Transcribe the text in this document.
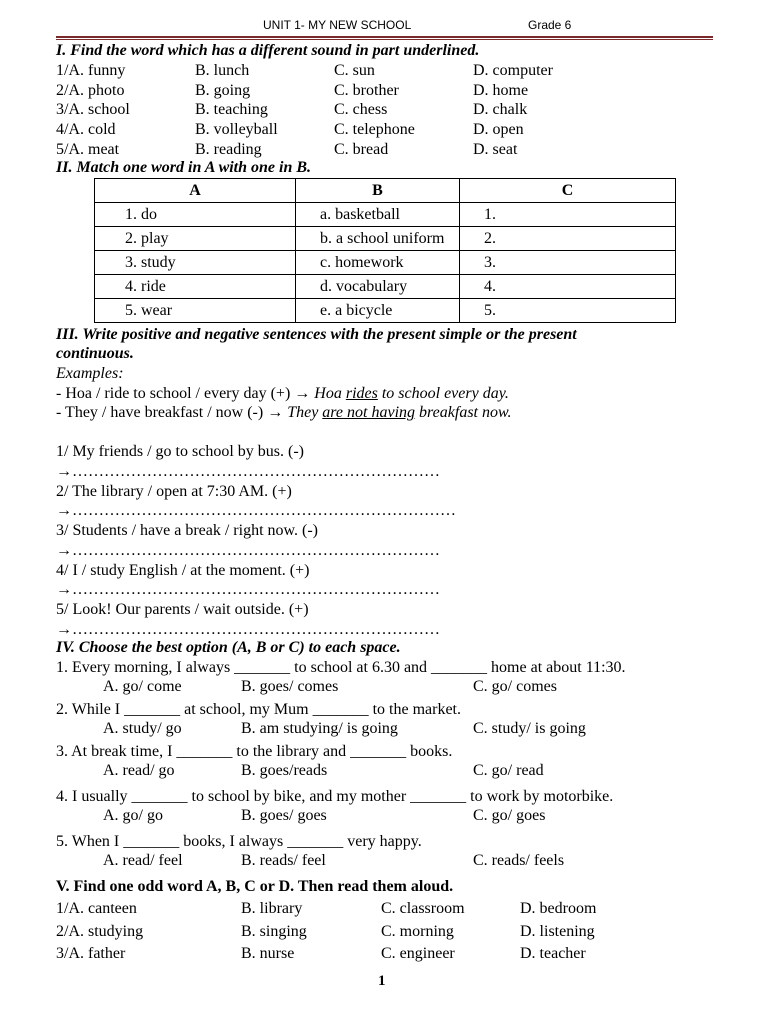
UNIT 1- MY NEW SCHOOL	Grade 6
I. Find the word which has a different sound in part underlined.
1/A. funny	B. lunch	C. sun	D. computer
2/A. photo	B. going	C. brother	D. home
3/A. school	B. teaching	C. chess	D. chalk
4/A. cold	B. volleyball	C. telephone	D. open
5/A. meat	B. reading	C. bread	D. seat
II. Match one word in A with one in B.
A	B	C
1. do	a. basketball	1.
2. play	b. a school uniform	2.
3. study	c. homework	3.
4. ride	d. vocabulary	4.
5. wear	e. a bicycle	5.
III. Write positive and negative sentences with the present simple or the present
continuous.
Examples:
- Hoa / ride to school / every day (+) → Hoa rides to school every day.
- They / have breakfast / now (-) → They are not having breakfast now.
1/ My friends / go to school by bus. (-)
→……………………………………………………………
2/ The library / open at 7:30 AM. (+)
→………………………………………………………………
3/ Students / have a break / right now. (-)
→……………………………………………………………
4/ I / study English / at the moment. (+)
→……………………………………………………………
5/ Look! Our parents / wait outside. (+)
→……………………………………………………………
IV. Choose the best option (A, B or C) to each space.
1. Every morning, I always _______ to school at 6.30 and _______ home at about 11:30.
A. go/ come	B. goes/ comes	C. go/ comes
2. While I _______ at school, my Mum _______ to the market.
A. study/ go	B. am studying/ is going	C. study/ is going
3. At break time, I _______ to the library and _______ books.
A. read/ go	B. goes/reads	C. go/ read
4. I usually _______ to school by bike, and my mother _______ to work by motorbike.
A. go/ go	B. goes/ goes	C. go/ goes
5. When I _______ books, I always _______ very happy.
A. read/ feel	B. reads/ feel	C. reads/ feels
V. Find one odd word A, B, C or D. Then read them aloud.
1/A. canteen	B. library	C. classroom	D. bedroom
2/A. studying	B. singing	C. morning	D. listening
3/A. father	B. nurse	C. engineer	D. teacher
1
